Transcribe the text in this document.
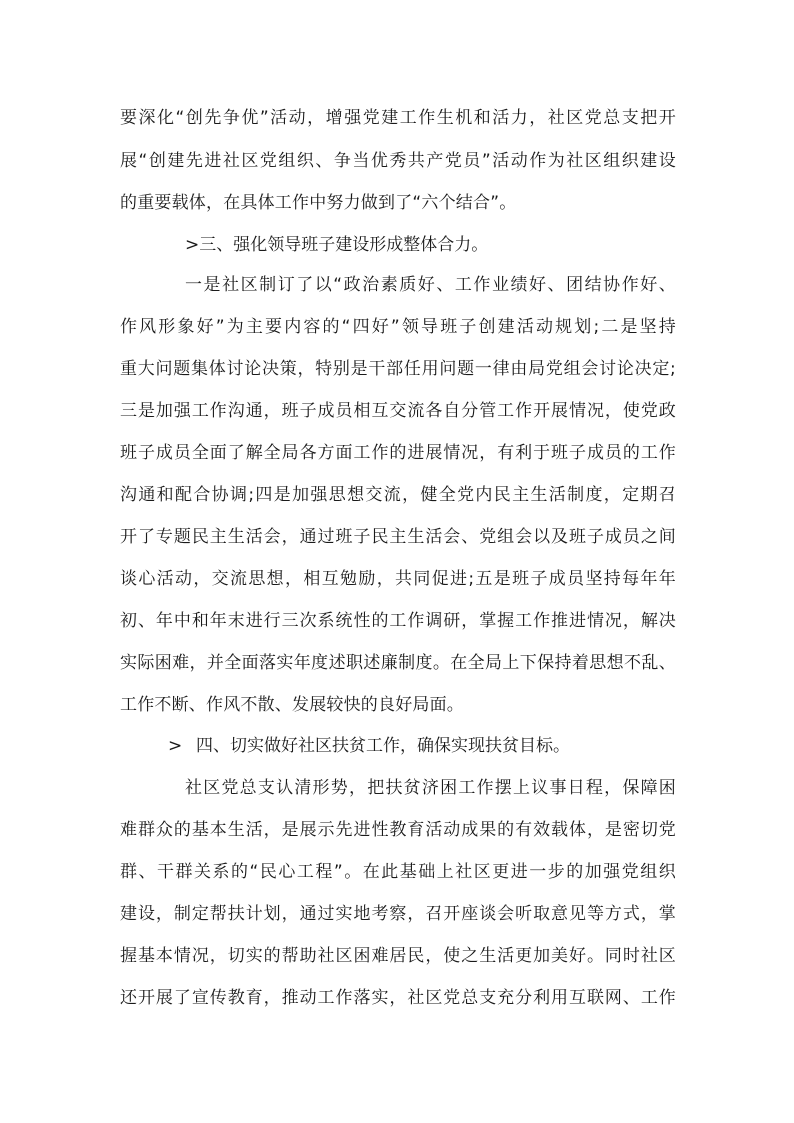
要深化“创先争优”活动，增强党建工作生机和活力，社区党总支把开
展“创建先进社区党组织、争当优秀共产党员”活动作为社区组织建设
的重要载体，在具体工作中努力做到了“六个结合”。
>三、强化领导班子建设形成整体合力。
一是社区制订了以“政治素质好、工作业绩好、团结协作好、
作风形象好”为主要内容的“四好”领导班子创建活动规划;二是坚持
重大问题集体讨论决策，特别是干部任用问题一律由局党组会讨论决定;
三是加强工作沟通，班子成员相互交流各自分管工作开展情况，使党政
班子成员全面了解全局各方面工作的进展情况，有利于班子成员的工作
沟通和配合协调;四是加强思想交流，健全党内民主生活制度，定期召
开了专题民主生活会，通过班子民主生活会、党组会以及班子成员之间
谈心活动，交流思想，相互勉励，共同促进;五是班子成员坚持每年年
初、年中和年末进行三次系统性的工作调研，掌握工作推进情况，解决
实际困难，并全面落实年度述职述廉制度。在全局上下保持着思想不乱、
工作不断、作风不散、发展较快的良好局面。
> 四、切实做好社区扶贫工作，确保实现扶贫目标。
社区党总支认清形势，把扶贫济困工作摆上议事日程，保障困
难群众的基本生活，是展示先进性教育活动成果的有效载体，是密切党
群、干群关系的“民心工程”。在此基础上社区更进一步的加强党组织
建设，制定帮扶计划，通过实地考察，召开座谈会听取意见等方式，掌
握基本情况，切实的帮助社区困难居民，使之生活更加美好。同时社区
还开展了宣传教育，推动工作落实，社区党总支充分利用互联网、工作
